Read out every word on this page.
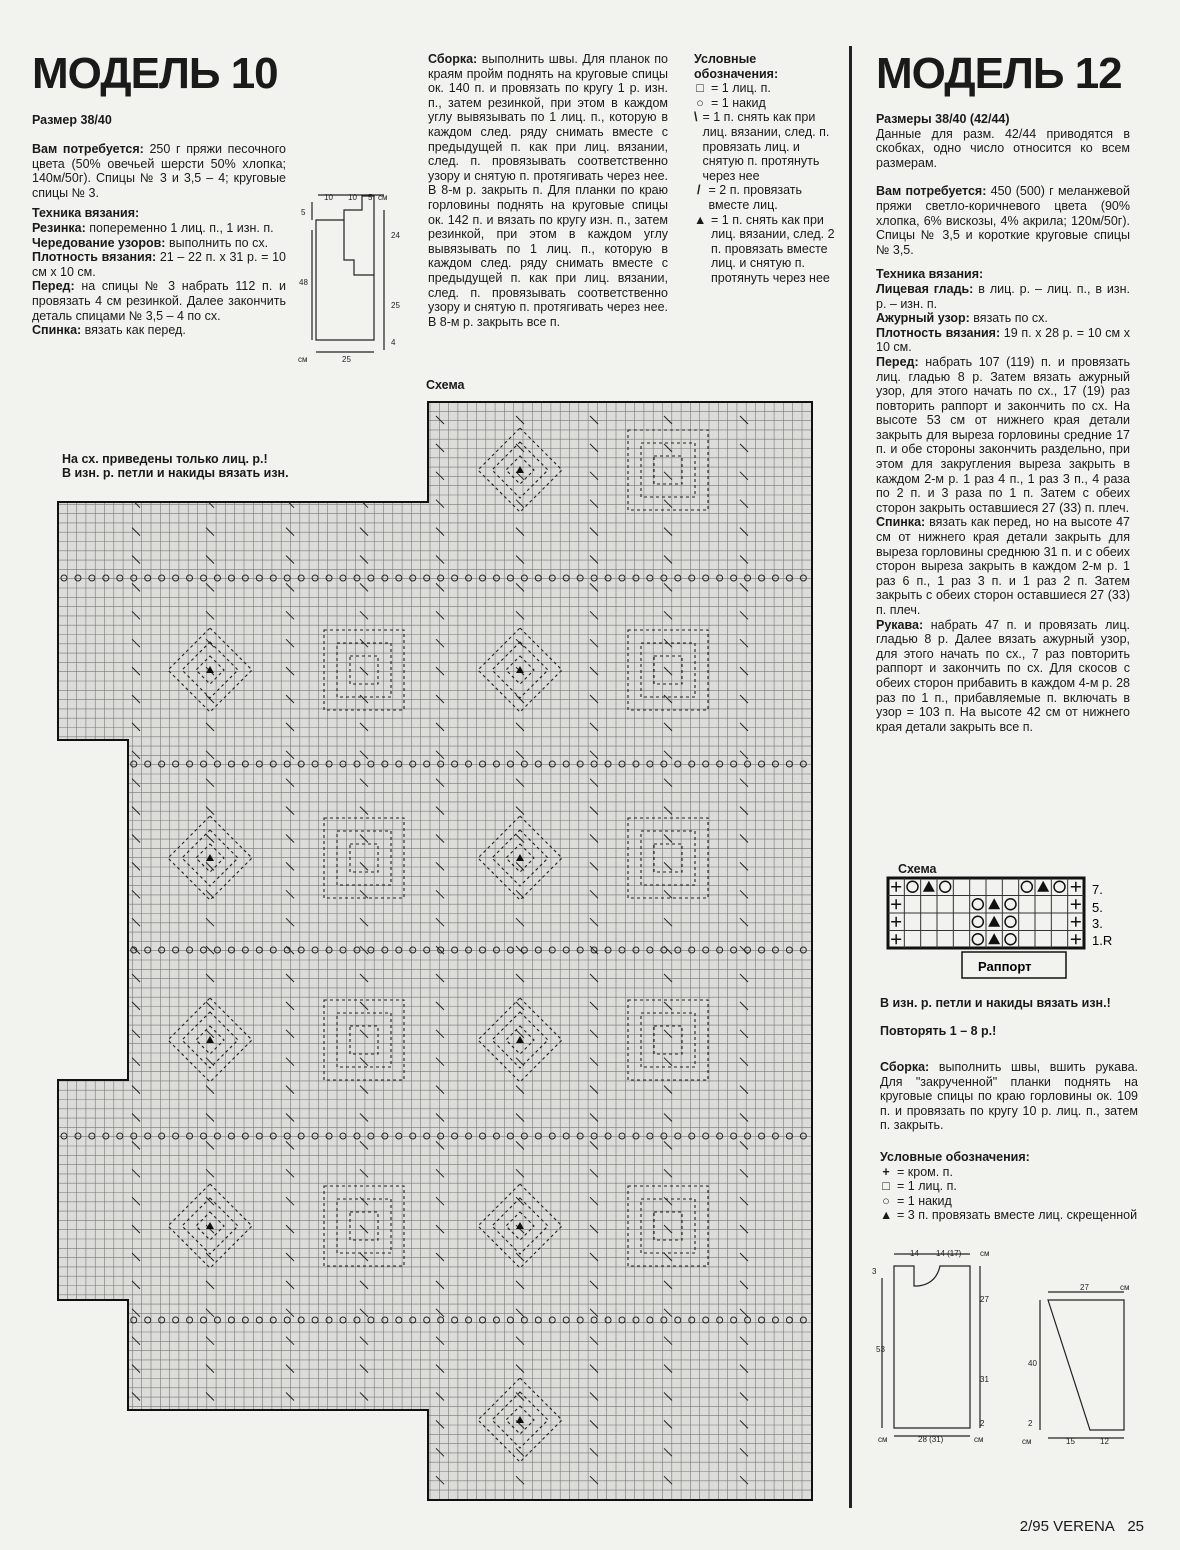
МОДЕЛЬ 10
Размер 38/40

Вам потребуется: 250 г пряжи песочного цвета (50% овечьей шерсти 50% хлопка; 140м/50г). Спицы № 3 и 3,5 – 4; круговые спицы № 3.

Техника вязания:
Резинка: попеременно 1 лиц. п., 1 изн. п.
Чередование узоров: выполнить по сх.
Плотность вязания: 21 – 22 п. х 31 р. = 10 см х 10 см.
Перед: на спицы № 3 набрать 112 п. и провязать 4 см резинкой. Далее закончить деталь спицами № 3,5 – 4 по сх.
Спинка: вязать как перед.
10 10 5 см
24
25
4
5
48
см	25
Сборка: выполнить швы. Для планок по краям пройм поднять на круговые спицы ок. 140 п. и провязать по кругу 1 р. изн. п., затем резинкой, при этом в каждом углу вывязывать по 1 лиц. п., которую в каждом след. ряду снимать вместе с предыдущей п. как при лиц. вязании, след. п. провязывать соответственно узору и снятую п. протягивать через нее. В 8-м р. закрыть п. Для планки по краю горловины поднять на круговые спицы ок. 142 п. и вязать по кругу изн. п., затем резинкой, при этом в каждом углу вывязывать по 1 лиц. п., которую в каждом след. ряду снимать вместе с предыдущей п. как при лиц. вязании, след. п. провязывать соответственно узору и снятую п. протягивать через нее. В 8-м р. закрыть все п.
Условные обозначения:
□ = 1 лиц. п.
○ = 1 накид
\ = 1 п. снять как при лиц. вязании, след. п. провязать лиц. и снятую п. протянуть через нее
/ = 2 п. провязать вместе лиц.
▲ = 1 п. снять как при лиц. вязании, след. 2 п. провязать вместе лиц. и снятую п. протянуть через нее
Схема
На сх. приведены только лиц. р.!
В изн. р. петли и накиды вязать изн.
МОДЕЛЬ 12
Размеры 38/40 (42/44)

Данные для разм. 42/44 приводятся в скобках, одно число относится ко всем размерам.

Вам потребуется: 450 (500) г меланжевой пряжи светло-коричневого цвета (90% хлопка, 6% вискозы, 4% акрила; 120м/50г). Спицы № 3,5 и короткие круговые спицы № 3,5.

Техника вязания:
Лицевая гладь: в лиц. р. – лиц. п., в изн. р. – изн. п.
Ажурный узор: вязать по сх.
Плотность вязания: 19 п. х 28 р. = 10 см х 10 см.
Перед: набрать 107 (119) п. и провязать лиц. гладью 8 р. Затем вязать ажурный узор, для этого начать по сх., 17 (19) раз повторить раппорт и закончить по сх. На высоте 53 см от нижнего края детали закрыть для выреза горловины средние 17 п. и обе стороны закончить раздельно, при этом для закругления выреза закрыть в каждом 2-м р. 1 раз 4 п., 1 раз 3 п., 4 раза по 2 п. и 3 раза по 1 п. Затем с обеих сторон закрыть оставшиеся 27 (33) п. плеч.
Спинка: вязать как перед, но на высоте 47 см от нижнего края детали закрыть для выреза горловины среднюю 31 п. и с обеих сторон выреза закрыть в каждом 2-м р. 1 раз 6 п., 1 раз 3 п. и 1 раз 2 п. Затем закрыть с обеих сторон оставшиеся 27 (33) п. плеч.
Рукава: набрать 47 п. и провязать лиц. гладью 8 р. Далее вязать ажурный узор, для этого начать по сх., 7 раз повторить раппорт и закончить по сх. Для скосов с обеих сторон прибавить в каждом 4-м р. 28 раз по 1 п., прибавляемые п. включать в узор = 103 п. На высоте 42 см от нижнего края детали закрыть все п.
Схема
7.
5.
3.
1.R
Раппорт
В изн. р. петли и накиды вязать изн.!
Повторять 1 – 8 р.!
Сборка: выполнить швы, вшить рукава. Для "закрученной" планки поднять на круговые спицы по краю горловины ок. 109 п. и провязать по кругу 10 р. лиц. п., затем п. закрыть.
Условные обозначения:
+ = кром. п.
□ = 1 лиц. п.
○ = 1 накид
▲ = 3 п. провязать вместе лиц. скрещенной
14 14 (17) см
3
53
27
31
2
см	28 (31)	см
27	см
40
2
см	15	12
2/95 VERENA 25
